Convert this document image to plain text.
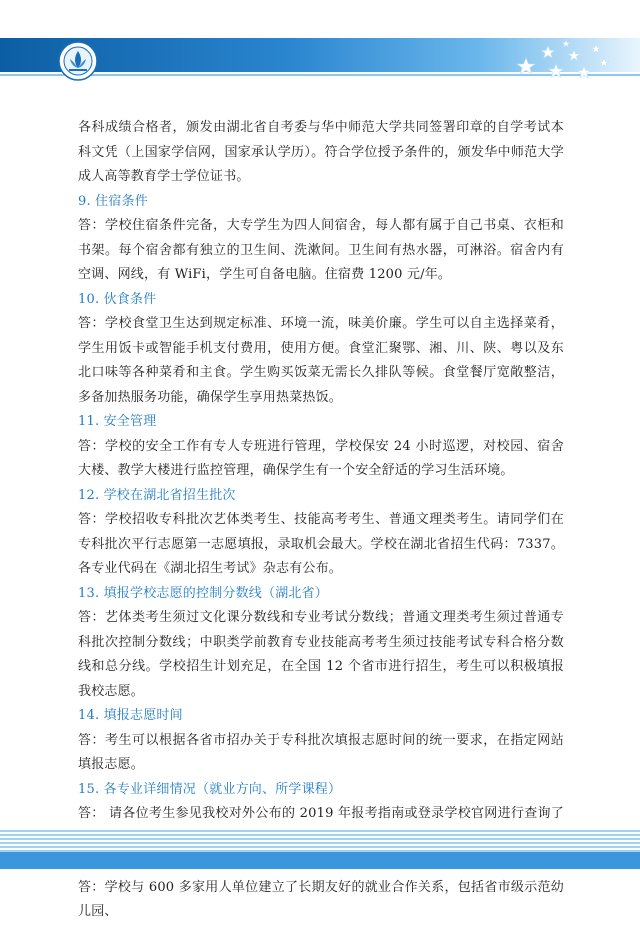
各科成绩合格者，颁发由湖北省自考委与华中师范大学共同签署印章的自学考试本科文凭（上国家学信网，国家承认学历）。符合学位授予条件的，颁发华中师范大学成人高等教育学士学位证书。

9. 住宿条件

答：学校住宿条件完备，大专学生为四人间宿舍，每人都有属于自己书桌、衣柜和书架。每个宿舍都有独立的卫生间、洗漱间。卫生间有热水器，可淋浴。宿舍内有空调、网线，有 WiFi，学生可自备电脑。住宿费 1200 元/年。

10. 伙食条件

答：学校食堂卫生达到规定标准、环境一流，味美价廉。学生可以自主选择菜肴，学生用饭卡或智能手机支付费用，使用方便。食堂汇聚鄂、湘、川、陕、粤以及东北口味等各种菜肴和主食。学生购买饭菜无需长久排队等候。食堂餐厅宽敞整洁，多备加热服务功能，确保学生享用热菜热饭。

11. 安全管理

答：学校的安全工作有专人专班进行管理，学校保安 24 小时巡逻，对校园、宿舍大楼、教学大楼进行监控管理，确保学生有一个安全舒适的学习生活环境。

12. 学校在湖北省招生批次

答：学校招收专科批次艺体类考生、技能高考考生、普通文理类考生。请同学们在专科批次平行志愿第一志愿填报，录取机会最大。学校在湖北省招生代码：7337。各专业代码在《湖北招生考试》杂志有公布。

13. 填报学校志愿的控制分数线（湖北省）

答：艺体类考生须过文化课分数线和专业考试分数线；普通文理类考生须过普通专科批次控制分数线；中职类学前教育专业技能高考考生须过技能考试专科合格分数线和总分线。学校招生计划充足，在全国 12 个省市进行招生，考生可以积极填报我校志愿。

14. 填报志愿时间

答：考生可以根据各省市招办关于专科批次填报志愿时间的统一要求，在指定网站填报志愿。

15. 各专业详细情况（就业方向、所学课程）

答： 请各位考生参见我校对外公布的 2019 年报考指南或登录学校官网进行查询了

答：学校与 600 多家用人单位建立了长期友好的就业合作关系，包括省市级示范幼儿园、
